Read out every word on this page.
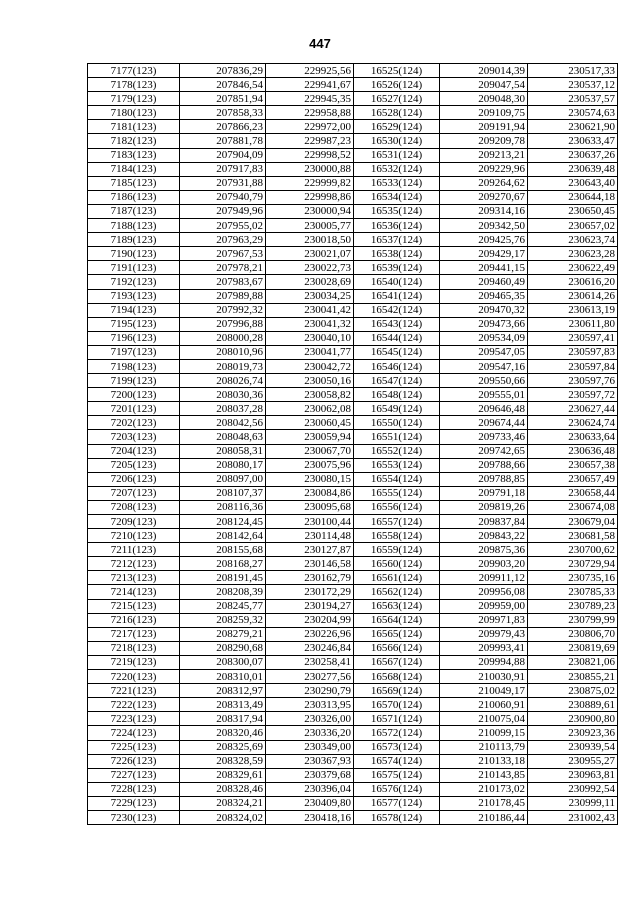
447
7177(123)	207836,29	229925,56	16525(124)	209014,39	230517,33
7178(123)	207846,54	229941,67	16526(124)	209047,54	230537,12
7179(123)	207851,94	229945,35	16527(124)	209048,30	230537,57
7180(123)	207858,33	229958,88	16528(124)	209109,75	230574,63
7181(123)	207866,23	229972,00	16529(124)	209191,94	230621,90
7182(123)	207881,78	229987,23	16530(124)	209209,78	230633,47
7183(123)	207904,09	229998,52	16531(124)	209213,21	230637,26
7184(123)	207917,83	230000,88	16532(124)	209229,96	230639,48
7185(123)	207931,88	229999,82	16533(124)	209264,62	230643,40
7186(123)	207940,79	229998,86	16534(124)	209270,67	230644,18
7187(123)	207949,96	230000,94	16535(124)	209314,16	230650,45
7188(123)	207955,02	230005,77	16536(124)	209342,50	230657,02
7189(123)	207963,29	230018,50	16537(124)	209425,76	230623,74
7190(123)	207967,53	230021,07	16538(124)	209429,17	230623,28
7191(123)	207978,21	230022,73	16539(124)	209441,15	230622,49
7192(123)	207983,67	230028,69	16540(124)	209460,49	230616,20
7193(123)	207989,88	230034,25	16541(124)	209465,35	230614,26
7194(123)	207992,32	230041,42	16542(124)	209470,32	230613,19
7195(123)	207996,88	230041,32	16543(124)	209473,66	230611,80
7196(123)	208000,28	230040,10	16544(124)	209534,09	230597,41
7197(123)	208010,96	230041,77	16545(124)	209547,05	230597,83
7198(123)	208019,73	230042,72	16546(124)	209547,16	230597,84
7199(123)	208026,74	230050,16	16547(124)	209550,66	230597,76
7200(123)	208030,36	230058,82	16548(124)	209555,01	230597,72
7201(123)	208037,28	230062,08	16549(124)	209646,48	230627,44
7202(123)	208042,56	230060,45	16550(124)	209674,44	230624,74
7203(123)	208048,63	230059,94	16551(124)	209733,46	230633,64
7204(123)	208058,31	230067,70	16552(124)	209742,65	230636,48
7205(123)	208080,17	230075,96	16553(124)	209788,66	230657,38
7206(123)	208097,00	230080,15	16554(124)	209788,85	230657,49
7207(123)	208107,37	230084,86	16555(124)	209791,18	230658,44
7208(123)	208116,36	230095,68	16556(124)	209819,26	230674,08
7209(123)	208124,45	230100,44	16557(124)	209837,84	230679,04
7210(123)	208142,64	230114,48	16558(124)	209843,22	230681,58
7211(123)	208155,68	230127,87	16559(124)	209875,36	230700,62
7212(123)	208168,27	230146,58	16560(124)	209903,20	230729,94
7213(123)	208191,45	230162,79	16561(124)	209911,12	230735,16
7214(123)	208208,39	230172,29	16562(124)	209956,08	230785,33
7215(123)	208245,77	230194,27	16563(124)	209959,00	230789,23
7216(123)	208259,32	230204,99	16564(124)	209971,83	230799,99
7217(123)	208279,21	230226,96	16565(124)	209979,43	230806,70
7218(123)	208290,68	230246,84	16566(124)	209993,41	230819,69
7219(123)	208300,07	230258,41	16567(124)	209994,88	230821,06
7220(123)	208310,01	230277,56	16568(124)	210030,91	230855,21
7221(123)	208312,97	230290,79	16569(124)	210049,17	230875,02
7222(123)	208313,49	230313,95	16570(124)	210060,91	230889,61
7223(123)	208317,94	230326,00	16571(124)	210075,04	230900,80
7224(123)	208320,46	230336,20	16572(124)	210099,15	230923,36
7225(123)	208325,69	230349,00	16573(124)	210113,79	230939,54
7226(123)	208328,59	230367,93	16574(124)	210133,18	230955,27
7227(123)	208329,61	230379,68	16575(124)	210143,85	230963,81
7228(123)	208328,46	230396,04	16576(124)	210173,02	230992,54
7229(123)	208324,21	230409,80	16577(124)	210178,45	230999,11
7230(123)	208324,02	230418,16	16578(124)	210186,44	231002,43
